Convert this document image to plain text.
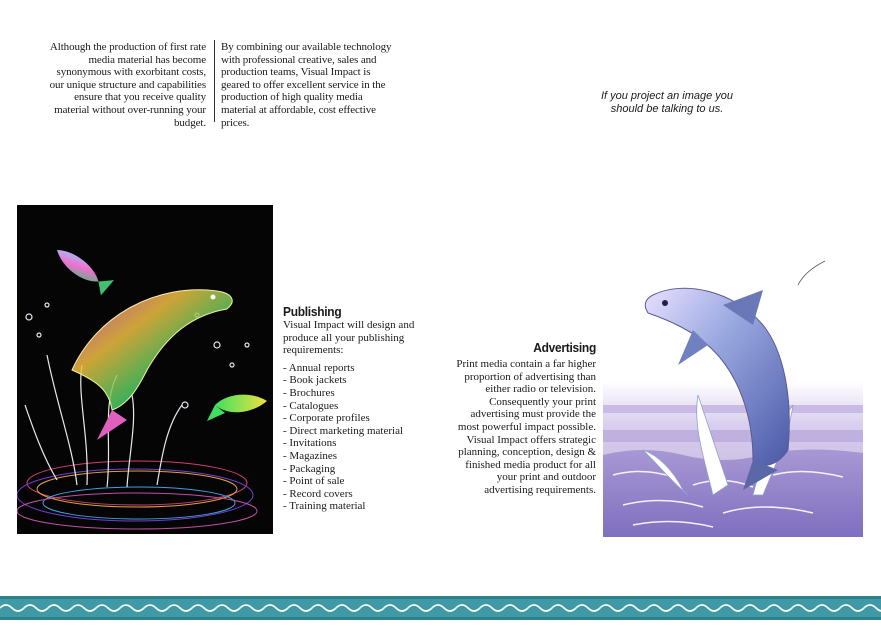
Although the production of first rate media material has become synonymous with exorbitant costs, our unique structure and capabilities ensure that you receive quality material without over-running your budget.
By combining our available technology with professional creative, sales and production teams, Visual Impact is geared to offer excellent service in the production of high quality media material at affordable, cost effective prices.
If you project an image you should be talking to us.
Publishing

Visual Impact will design and produce all your publishing requirements:

- Annual reports
- Book jackets
- Brochures
- Catalogues
- Corporate profiles
- Direct marketing material
- Invitations
- Magazines
- Packaging
- Point of sale
- Record covers
- Training material
Advertising

Print media contain a far higher proportion of advertising than either radio or television. Consequently your print advertising must provide the most powerful impact possible. Visual Impact offers strategic planning, conception, design & finished media product for all your print and outdoor advertising requirements.
